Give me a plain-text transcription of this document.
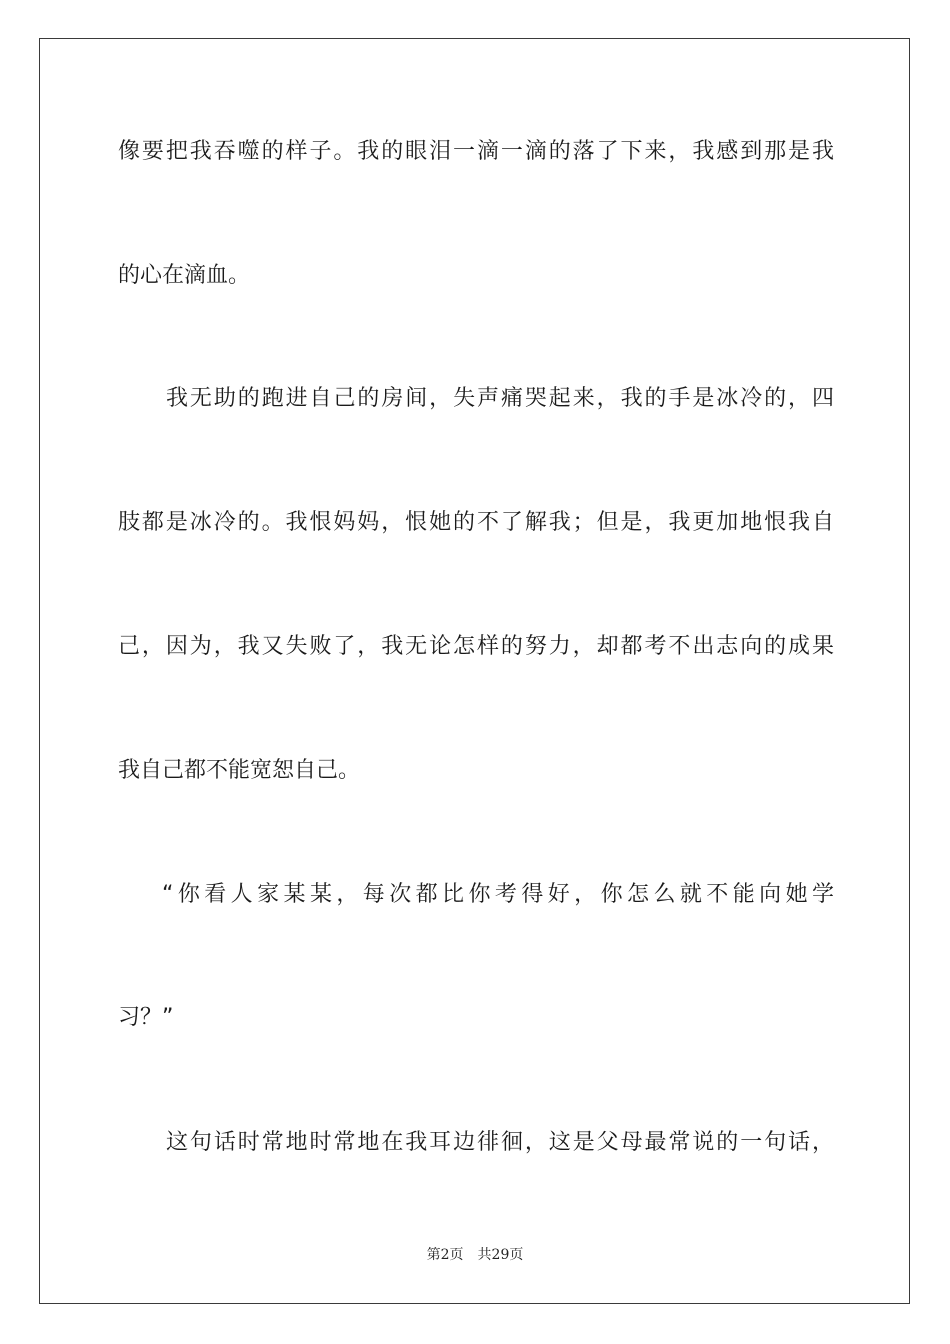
像要把我吞噬的样子。我的眼泪一滴一滴的落了下来，我感到那是我
的心在滴血。
我无助的跑进自己的房间，失声痛哭起来，我的手是冰冷的，四
肢都是冰冷的。我恨妈妈，恨她的不了解我；但是，我更加地恨我自
己，因为，我又失败了，我无论怎样的努力，却都考不出志向的成果
我自己都不能宽恕自己。
“你看人家某某，每次都比你考得好，你怎么就不能向她学
习？”
这句话时常地时常地在我耳边徘徊，这是父母最常说的一句话，
第2页 共29页
